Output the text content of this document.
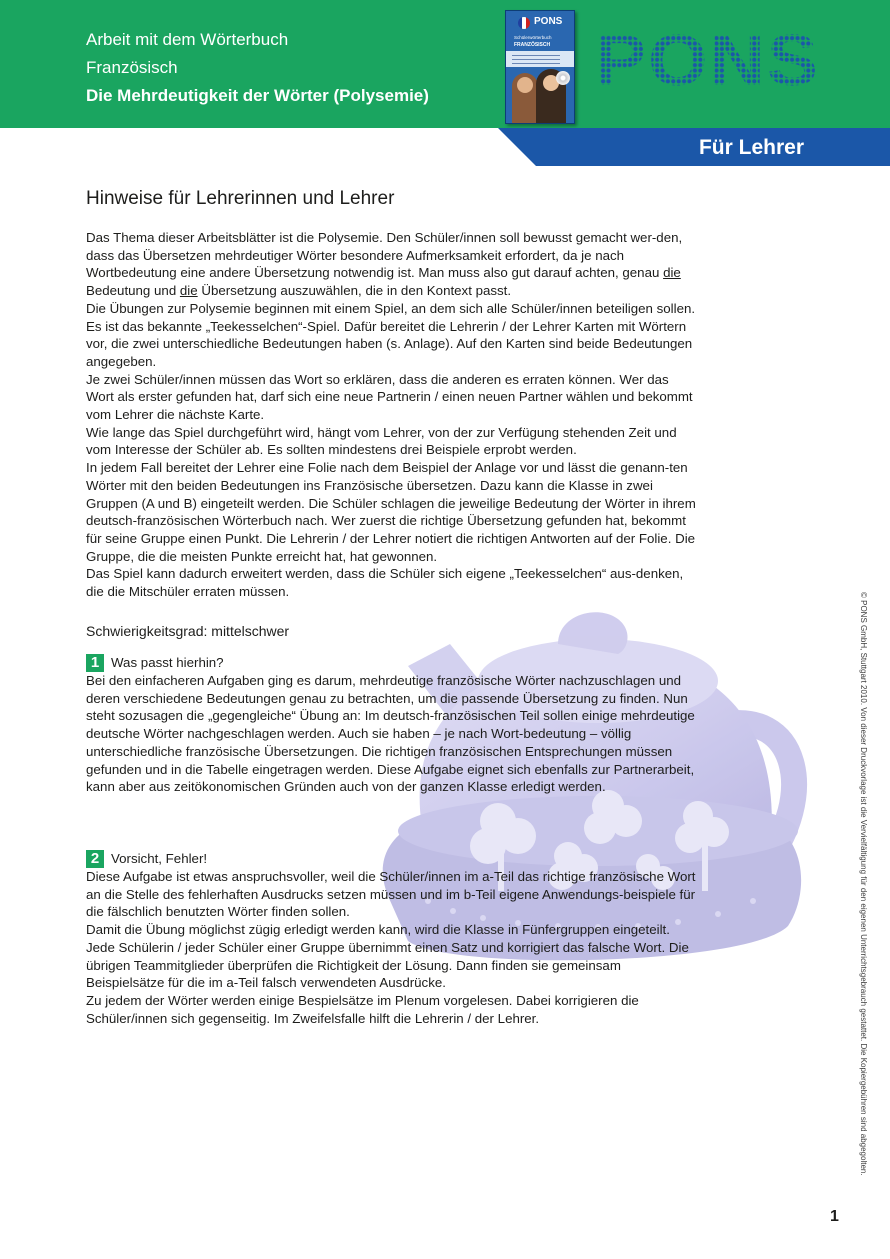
Arbeit mit dem Wörterbuch
Französisch
Die Mehrdeutigkeit der Wörter (Polysemie)
PONS
Schülerwörterbuch
FRANZÖSISCH PONS
Für Lehrer
Hinweise für Lehrerinnen und Lehrer

Das Thema dieser Arbeitsblätter ist die Polysemie. Den Schüler/innen soll bewusst gemacht wer-den, dass das Übersetzen mehrdeutiger Wörter besondere Aufmerksamkeit erfordert, da je nach Wortbedeutung eine andere Übersetzung notwendig ist. Man muss also gut darauf achten, genau die Bedeutung und die Übersetzung auszuwählen, die in den Kontext passt.

Die Übungen zur Polysemie beginnen mit einem Spiel, an dem sich alle Schüler/innen beteiligen sollen. Es ist das bekannte „Teekesselchen“-Spiel. Dafür bereitet die Lehrerin / der Lehrer Karten mit Wörtern vor, die zwei unterschiedliche Bedeutungen haben (s. Anlage). Auf den Karten sind beide Bedeutungen angegeben.

Je zwei Schüler/innen müssen das Wort so erklären, dass die anderen es erraten können. Wer das Wort als erster gefunden hat, darf sich eine neue Partnerin / einen neuen Partner wählen und bekommt vom Lehrer die nächste Karte.

Wie lange das Spiel durchgeführt wird, hängt vom Lehrer, von der zur Verfügung stehenden Zeit und vom Interesse der Schüler ab. Es sollten mindestens drei Beispiele erprobt werden.

In jedem Fall bereitet der Lehrer eine Folie nach dem Beispiel der Anlage vor und lässt die genann-ten Wörter mit den beiden Bedeutungen ins Französische übersetzen. Dazu kann die Klasse in zwei Gruppen (A und B) eingeteilt werden. Die Schüler schlagen die jeweilige Bedeutung der Wörter in ihrem deutsch-französischen Wörterbuch nach. Wer zuerst die richtige Übersetzung gefunden hat, bekommt für seine Gruppe einen Punkt. Die Lehrerin / der Lehrer notiert die richtigen Antworten auf der Folie. Die Gruppe, die die meisten Punkte erreicht hat, hat gewonnen.

Das Spiel kann dadurch erweitert werden, dass die Schüler sich eigene „Teekesselchen“ aus-denken, die die Mitschüler erraten müssen.

Schwierigkeitsgrad: mittelschwer

1 Was passt hierhin?

Bei den einfacheren Aufgaben ging es darum, mehrdeutige französische Wörter nachzuschlagen und deren verschiedene Bedeutungen genau zu betrachten, um die passende Übersetzung zu finden. Nun steht sozusagen die „gegengleiche“ Übung an: Im deutsch-französischen Teil sollen einige mehrdeutige deutsche Wörter nachgeschlagen werden. Auch sie haben – je nach Wort-bedeutung – völlig unterschiedliche französische Übersetzungen. Die richtigen französischen Entsprechungen müssen gefunden und in die Tabelle eingetragen werden. Diese Aufgabe eignet sich ebenfalls zur Partnerarbeit, kann aber aus zeitökonomischen Gründen auch von der ganzen Klasse erledigt werden.

2 Vorsicht, Fehler!

Diese Aufgabe ist etwas anspruchsvoller, weil die Schüler/innen im a-Teil das richtige französische Wort an die Stelle des fehlerhaften Ausdrucks setzen müssen und im b-Teil eigene Anwendungs-beispiele für die fälschlich benutzten Wörter finden sollen.

Damit die Übung möglichst zügig erledigt werden kann, wird die Klasse in Fünfergruppen eingeteilt. Jede Schülerin / jeder Schüler einer Gruppe übernimmt einen Satz und korrigiert das falsche Wort. Die übrigen Teammitglieder überprüfen die Richtigkeit der Lösung. Dann finden sie gemeinsam Beispielsätze für die im a-Teil falsch verwendeten Ausdrücke.

Zu jedem der Wörter werden einige Bespielsätze im Plenum vorgelesen. Dabei korrigieren die Schüler/innen sich gegenseitig. Im Zweifelsfalle hilft die Lehrerin / der Lehrer.	© PONS GmbH, Stuttgart 2010. Von dieser Druckvorlage ist die Vervielfältigung für den eigenen Unterrichtsgebrauch gestattet. Die Kopiergebühren sind abgegolten.
1
